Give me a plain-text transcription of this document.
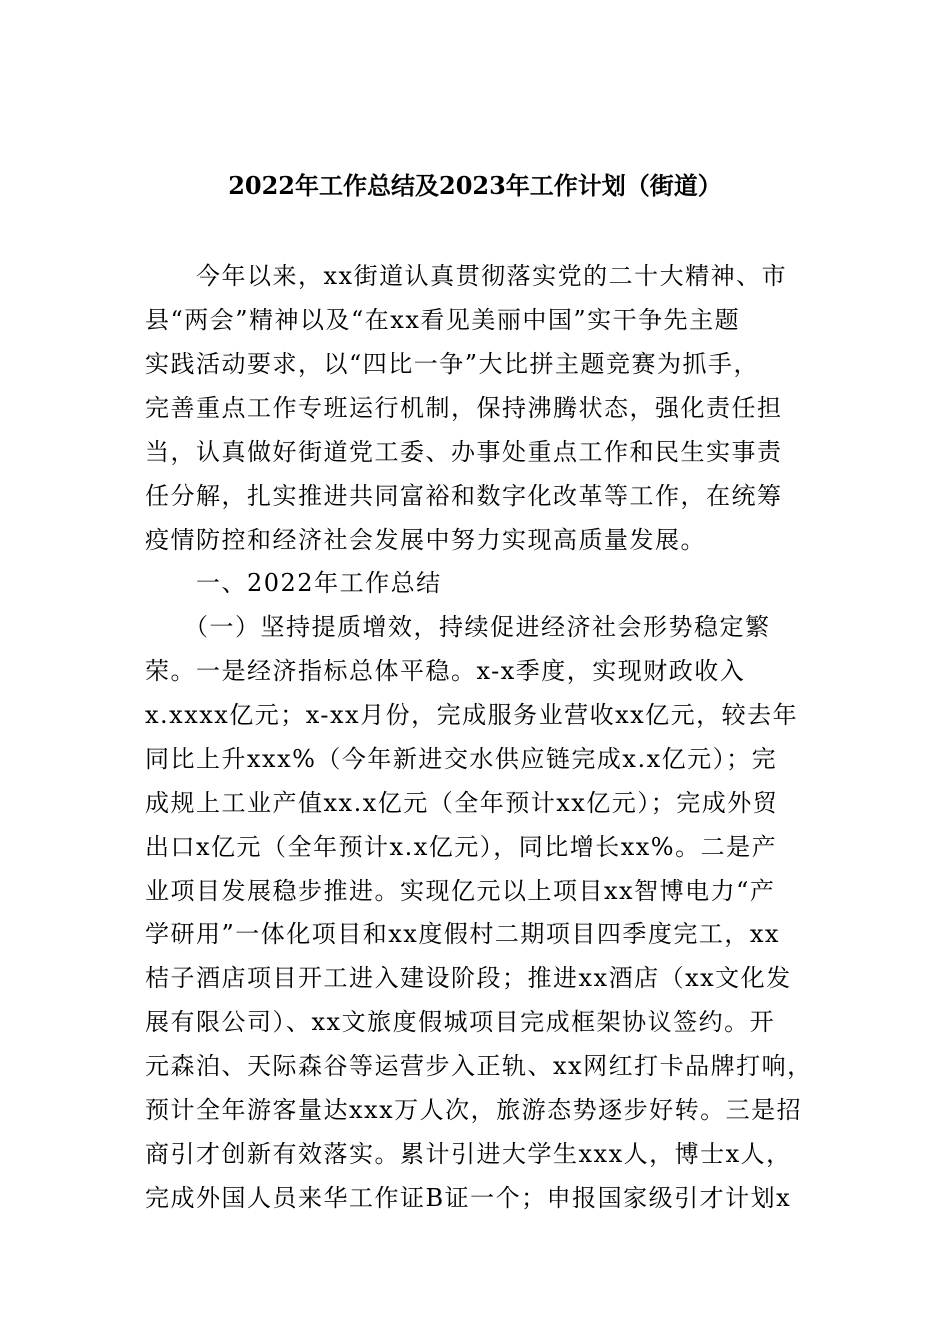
2022年工作总结及2023年工作计划（街道）
　　今年以来，xx街道认真贯彻落实党的二十大精神、市
县“两会”精神以及“在xx看见美丽中国”实干争先主题
实践活动要求，以“四比一争”大比拼主题竞赛为抓手，
完善重点工作专班运行机制，保持沸腾状态，强化责任担
当，认真做好街道党工委、办事处重点工作和民生实事责
任分解，扎实推进共同富裕和数字化改革等工作，在统筹
疫情防控和经济社会发展中努力实现高质量发展。
　　一、2022年工作总结
　　（一）坚持提质增效，持续促进经济社会形势稳定繁
荣。一是经济指标总体平稳。x-x季度，实现财政收入
x.xxxx亿元；x-xx月份，完成服务业营收xx亿元，较去年
同比上升xxx%（今年新进交水供应链完成x.x亿元）；完
成规上工业产值xx.x亿元（全年预计xx亿元）；完成外贸
出口x亿元（全年预计x.x亿元），同比增长xx%。二是产
业项目发展稳步推进。实现亿元以上项目xx智博电力“产
学研用”一体化项目和xx度假村二期项目四季度完工，xx
桔子酒店项目开工进入建设阶段；推进xx酒店（xx文化发
展有限公司）、xx文旅度假城项目完成框架协议签约。开
元森泊、天际森谷等运营步入正轨、xx网红打卡品牌打响，
预计全年游客量达xxx万人次，旅游态势逐步好转。三是招
商引才创新有效落实。累计引进大学生xxx人，博士x人，
完成外国人员来华工作证B证一个；申报国家级引才计划x
